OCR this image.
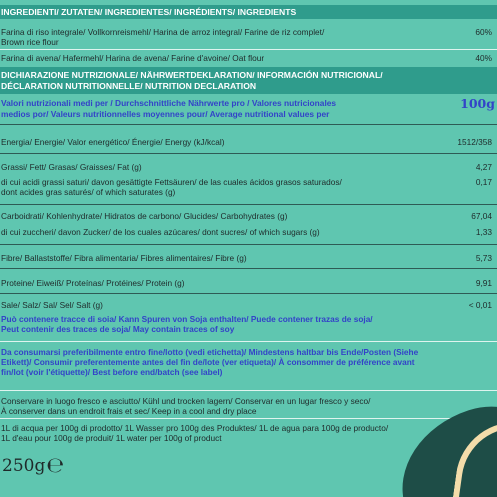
INGREDIENTI/ ZUTATEN/ INGREDIENTES/ INGRÉDIENTS/ INGREDIENTS
Farina di riso integrale/ Vollkornreismehl/ Harina de arroz integral/ Farine de riz complet/
Brown rice flour
60%
Farina di avena/ Hafermehl/ Harina de avena/ Farine d'avoine/ Oat flour	40%
DICHIARAZIONE NUTRIZIONALE/ NÄHRWERTDEKLARATION/ INFORMACIÓN NUTRICIONAL/
DÉCLARATION NUTRITIONNELLE/ NUTRITION DECLARATION
Valori nutrizionali medi per / Durchschnittliche Nährwerte pro / Valores nutricionales
medios por/ Valeurs nutritionnelles moyennes pour/ Average nutritional values per
100g
Energia/ Energie/ Valor energético/ Énergie/ Energy (kJ/kcal)	1512/358
Grassi/ Fett/ Grasas/ Graisses/ Fat (g)	4,27
di cui acidi grassi saturi/ davon gesättigte Fettsäuren/ de las cuales ácidos grasos saturados/
dont acides gras saturés/ of which saturates (g)
0,17
Carboidrati/ Kohlenhydrate/ Hidratos de carbono/ Glucides/ Carbohydrates (g)	67,04
di cui zuccheri/ davon Zucker/ de los cuales azúcares/ dont sucres/ of which sugars (g)	1,33
Fibre/ Ballaststoffe/ Fibra alimentaria/ Fibres alimentaires/ Fibre (g)	5,73
Proteine/ Eiweiß/ Proteínas/ Protéines/ Protein (g)	9,91
Sale/ Salz/ Sal/ Sel/ Salt (g)	< 0,01
Può contenere tracce di soia/ Kann Spuren von Soja enthalten/ Puede contener trazas de soja/
Peut contenir des traces de soja/ May contain traces of soy
Da consumarsi preferibilmente entro fine/lotto (vedi etichetta)/ Mindestens haltbar bis Ende/Posten (Siehe
Etikett)/ Consumir preferentemente antes del fin de/lote (ver etiqueta)/ À consommer de préférence avant
fin/lot (voir l'étiquette)/ Best before end/batch (see label)
Conservare in luogo fresco e asciutto/ Kühl und trocken lagern/ Conservar en un lugar fresco y seco/
À conserver dans un endroit frais et sec/ Keep in a cool and dry place
1L di acqua per 100g di prodotto/ 1L Wasser pro 100g des Produktes/ 1L de agua para 100g de producto/
1L d'eau pour 100g de produit/ 1L water per 100g of product
250g℮
